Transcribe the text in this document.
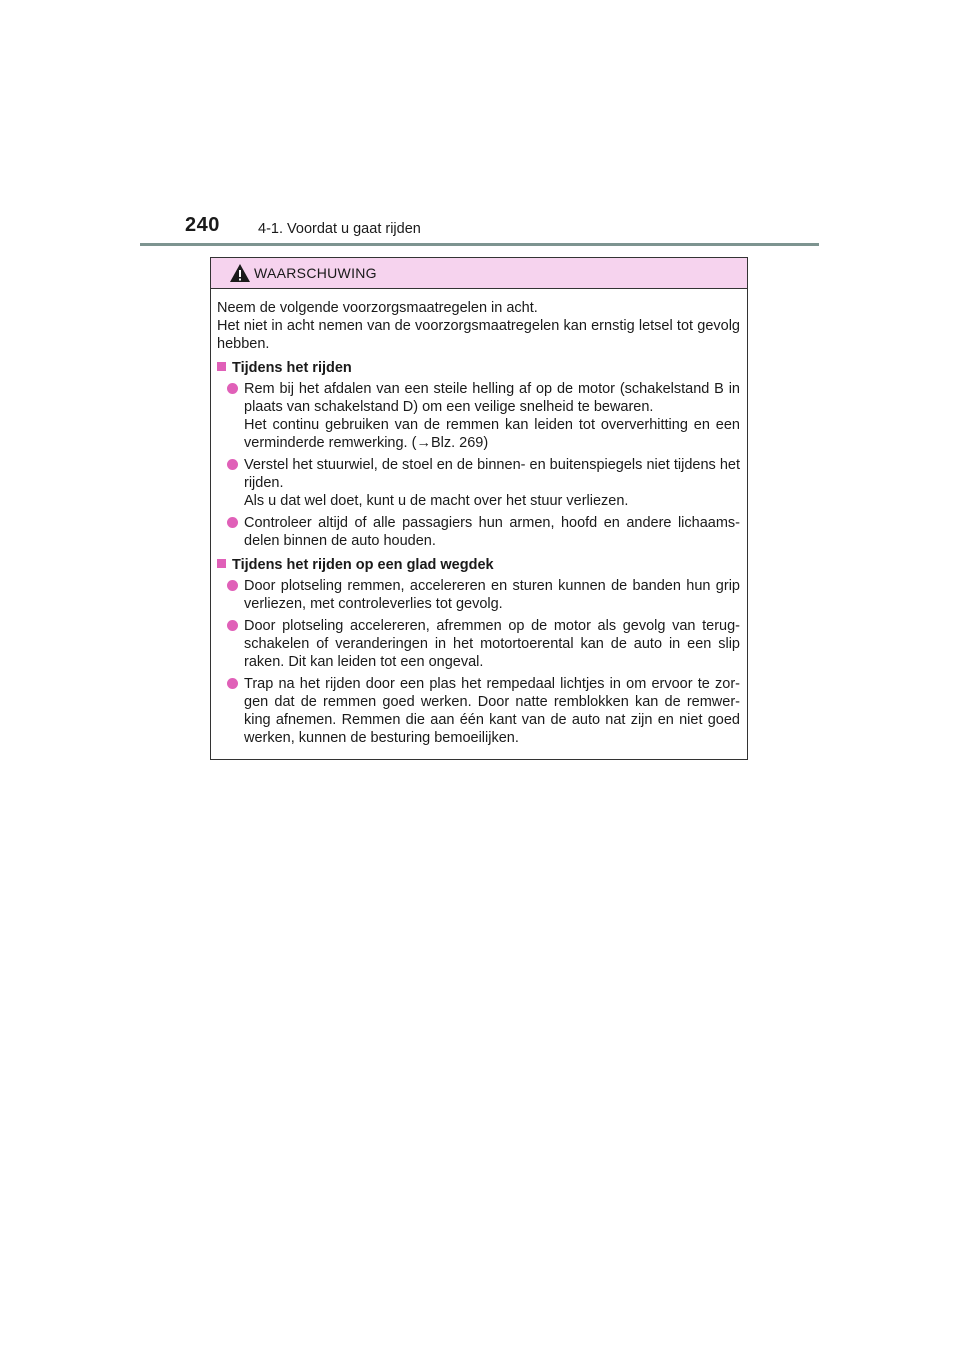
240	4-1. Voordat u gaat rijden
WAARSCHUWING

Neem de volgende voorzorgsmaatregelen in acht.

Het niet in acht nemen van de voorzorgsmaatregelen kan ernstig letsel tot gevolg hebben.

Tijdens het rijden

Rem bij het afdalen van een steile helling af op de motor (schakelstand B in plaats van schakelstand D) om een veilige snelheid te bewaren.

Het continu gebruiken van de remmen kan leiden tot oververhitting en een verminderde remwerking. (→Blz. 269)

Verstel het stuurwiel, de stoel en de binnen- en buitenspiegels niet tijdens het rijden.

Als u dat wel doet, kunt u de macht over het stuur verliezen.

Controleer altijd of alle passagiers hun armen, hoofd en andere lichaams-delen binnen de auto houden.

Tijdens het rijden op een glad wegdek

Door plotseling remmen, accelereren en sturen kunnen de banden hun grip verliezen, met controleverlies tot gevolg.

Door plotseling accelereren, afremmen op de motor als gevolg van terug-schakelen of veranderingen in het motortoerental kan de auto in een slip raken. Dit kan leiden tot een ongeval.

Trap na het rijden door een plas het rempedaal lichtjes in om ervoor te zor-gen dat de remmen goed werken. Door natte remblokken kan de remwer-king afnemen. Remmen die aan één kant van de auto nat zijn en niet goed werken, kunnen de besturing bemoeilijken.
